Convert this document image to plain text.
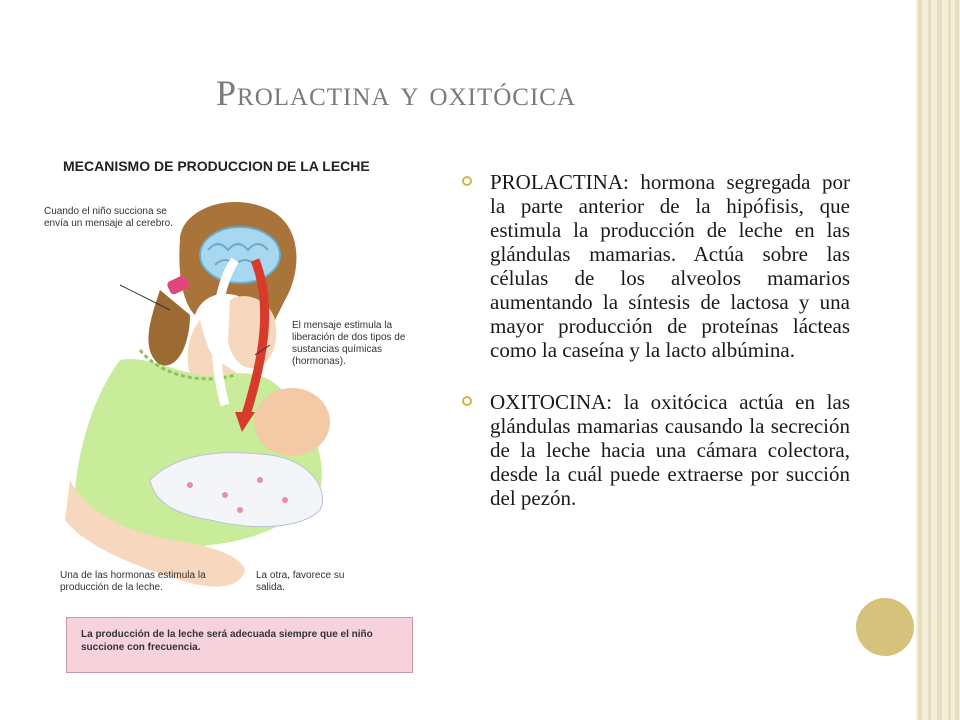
Prolactina y oxitócica
MECANISMO DE PRODUCCION DE LA LECHE
Cuando el niño succiona se envía un mensaje al cerebro.
El mensaje estimula la liberación de dos tipos de sustancias químicas (hormonas).
Una de las hormonas estimula la producción de la leche.
La otra, favorece su salida.
La producción de la leche será adecuada siempre que el niño succione con frecuencia.
PROLACTINA: hormona segregada por la parte anterior de la hipófisis, que estimula la producción de leche en las glándulas mamarias. Actúa sobre las células de los alveolos mamarios aumentando la síntesis de lactosa y una mayor producción de proteínas lácteas como la caseína y la lacto albúmina.
OXITOCINA: la oxitócica actúa en las glándulas mamarias causando la secreción de la leche hacia una cámara colectora, desde la cuál puede extraerse por succión del pezón.
